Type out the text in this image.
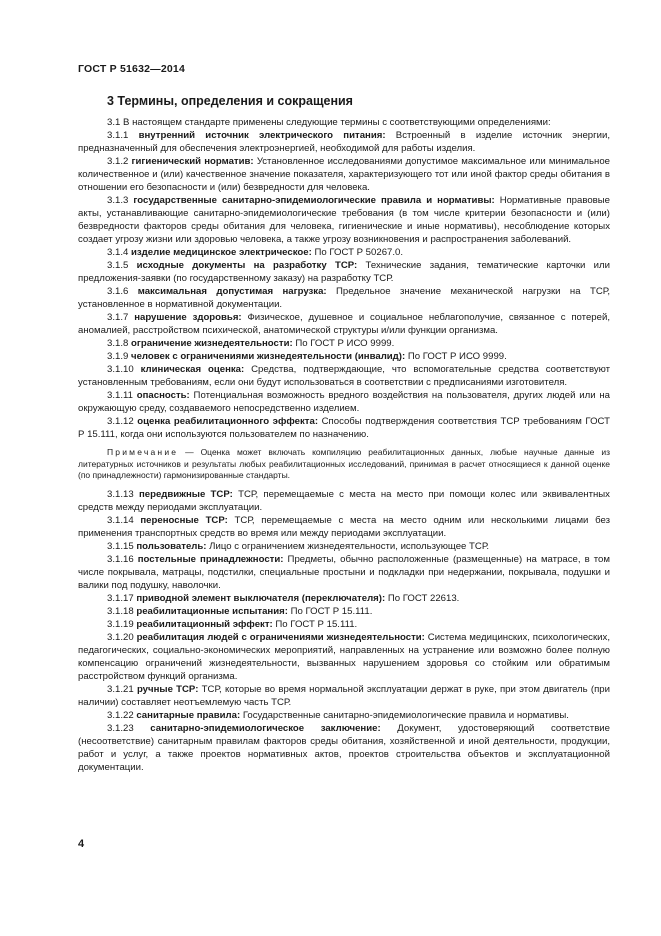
ГОСТ Р 51632—2014
3 Термины, определения и сокращения

3.1 В настоящем стандарте применены следующие термины с соответствующими определениями:

3.1.1 внутренний источник электрического питания: Встроенный в изделие источник энергии, предназначенный для обеспечения электроэнергией, необходимой для работы изделия.

3.1.2 гигиенический норматив: Установленное исследованиями допустимое максимальное или минимальное количественное и (или) качественное значение показателя, характеризующего тот или иной фактор среды обитания в отношении его безопасности и (или) безвредности для человека.

3.1.3 государственные санитарно-эпидемиологические правила и нормативы: Нормативные правовые акты, устанавливающие санитарно-эпидемиологические требования (в том числе критерии безопасности и (или) безвредности факторов среды обитания для человека, гигиенические и иные нормативы), несоблюдение которых создает угрозу жизни или здоровью человека, а также угрозу возникновения и распространения заболеваний.

3.1.4 изделие медицинское электрическое: По ГОСТ Р 50267.0.

3.1.5 исходные документы на разработку ТСР: Технические задания, тематические карточки или предложения-заявки (по государственному заказу) на разработку ТСР.

3.1.6 максимальная допустимая нагрузка: Предельное значение механической нагрузки на ТСР, установленное в нормативной документации.

3.1.7 нарушение здоровья: Физическое, душевное и социальное неблагополучие, связанное с потерей, аномалией, расстройством психической, анатомической структуры и/или функции организма.

3.1.8 ограничение жизнедеятельности: По ГОСТ Р ИСО 9999.

3.1.9 человек с ограничениями жизнедеятельности (инвалид): По ГОСТ Р ИСО 9999.

3.1.10 клиническая оценка: Средства, подтверждающие, что вспомогательные средства соответствуют установленным требованиям, если они будут использоваться в соответствии с предписаниями изготовителя.

3.1.11 опасность: Потенциальная возможность вредного воздействия на пользователя, других людей или на окружающую среду, создаваемого непосредственно изделием.

3.1.12 оценка реабилитационного эффекта: Способы подтверждения соответствия ТСР требованиям ГОСТ Р 15.111, когда они используются пользователем по назначению.

Примечание — Оценка может включать компиляцию реабилитационных данных, любые научные данные из литературных источников и результаты любых реабилитационных исследований, принимая в расчет относящиеся к данной оценке (по принадлежности) гармонизированные стандарты.

3.1.13 передвижные ТСР: ТСР, перемещаемые с места на место при помощи колес или эквивалентных средств между периодами эксплуатации.

3.1.14 переносные ТСР: ТСР, перемещаемые с места на место одним или несколькими лицами без применения транспортных средств во время или между периодами эксплуатации.

3.1.15 пользователь: Лицо с ограничением жизнедеятельности, использующее ТСР.

3.1.16 постельные принадлежности: Предметы, обычно расположенные (размещенные) на матрасе, в том числе покрывала, матрацы, подстилки, специальные простыни и подкладки при недержании, покрывала, подушки и валики под подушку, наволочки.

3.1.17 приводной элемент выключателя (переключателя): По ГОСТ 22613.

3.1.18 реабилитационные испытания: По ГОСТ Р 15.111.

3.1.19 реабилитационный эффект: По ГОСТ Р 15.111.

3.1.20 реабилитация людей с ограничениями жизнедеятельности: Система медицинских, психологических, педагогических, социально-экономических мероприятий, направленных на устранение или возможно более полную компенсацию ограничений жизнедеятельности, вызванных нарушением здоровья со стойким или обратимым расстройством функций организма.

3.1.21 ручные ТСР: ТСР, которые во время нормальной эксплуатации держат в руке, при этом двигатель (при наличии) составляет неотъемлемую часть ТСР.

3.1.22 санитарные правила: Государственные санитарно-эпидемиологические правила и нормативы.

3.1.23 санитарно-эпидемиологическое заключение: Документ, удостоверяющий соответствие (несоответствие) санитарным правилам факторов среды обитания, хозяйственной и иной деятельности, продукции, работ и услуг, а также проектов нормативных актов, проектов строительства объектов и эксплуатационной документации.

4
